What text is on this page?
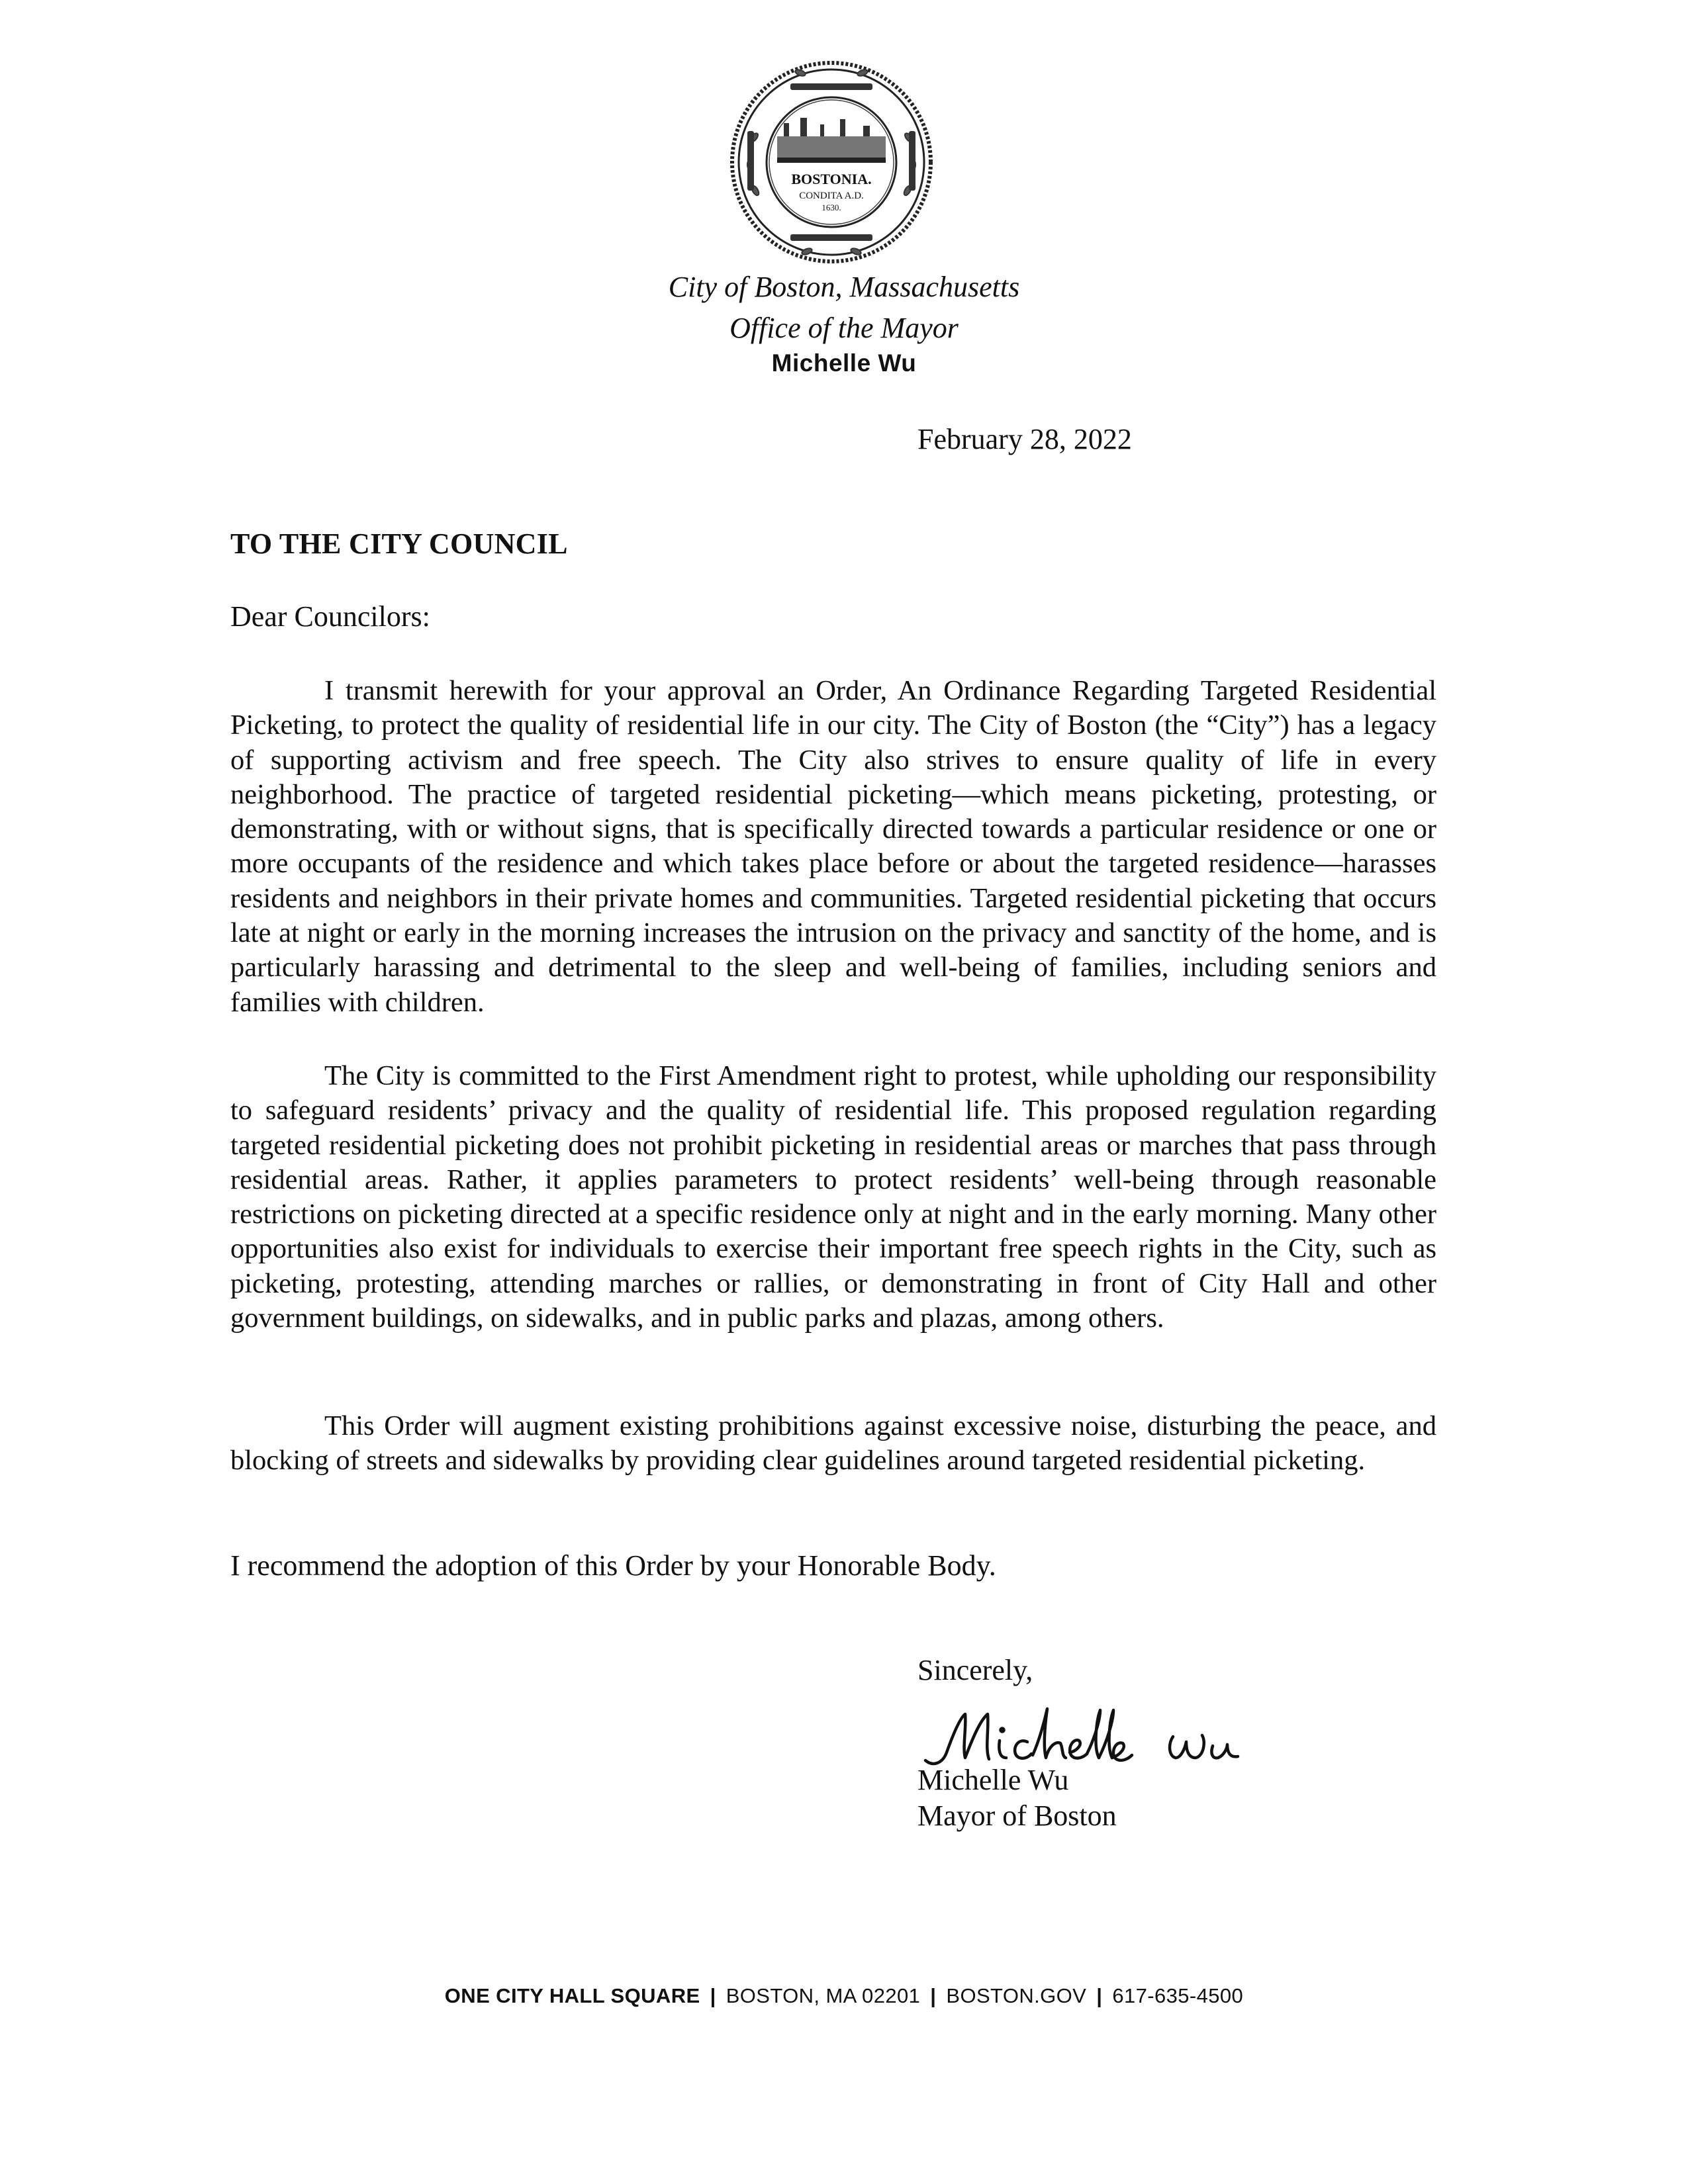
BOSTONIA.
CONDITA A.D.
1630.
City of Boston, Massachusetts
Office of the Mayor
Michelle Wu
February 28, 2022
TO THE CITY COUNCIL
Dear Councilors:

I transmit herewith for your approval an Order, An Ordinance Regarding Targeted Residential Picketing, to protect the quality of residential life in our city. The City of Boston (the “City”) has a legacy of supporting activism and free speech. The City also strives to ensure quality of life in every neighborhood. The practice of targeted residential picketing—which means picketing, protesting, or demonstrating, with or without signs, that is specifically directed towards a particular residence or one or more occupants of the residence and which takes place before or about the targeted residence—harasses residents and neighbors in their private homes and communities. Targeted residential picketing that occurs late at night or early in the morning increases the intrusion on the privacy and sanctity of the home, and is particularly harassing and detrimental to the sleep and well-being of families, including seniors and families with children.

The City is committed to the First Amendment right to protest, while upholding our responsibility to safeguard residents’ privacy and the quality of residential life. This proposed regulation regarding targeted residential picketing does not prohibit picketing in residential areas or marches that pass through residential areas. Rather, it applies parameters to protect residents’ well-being through reasonable restrictions on picketing directed at a specific residence only at night and in the early morning. Many other opportunities also exist for individuals to exercise their important free speech rights in the City, such as picketing, protesting, attending marches or rallies, or demonstrating in front of City Hall and other government buildings, on sidewalks, and in public parks and plazas, among others.

This Order will augment existing prohibitions against excessive noise, disturbing the peace, and blocking of streets and sidewalks by providing clear guidelines around targeted residential picketing.

I recommend the adoption of this Order by your Honorable Body.
Sincerely,
Michelle Wu
Mayor of Boston
ONE CITY HALL SQUARE | BOSTON, MA 02201 | BOSTON.GOV | 617-635-4500
